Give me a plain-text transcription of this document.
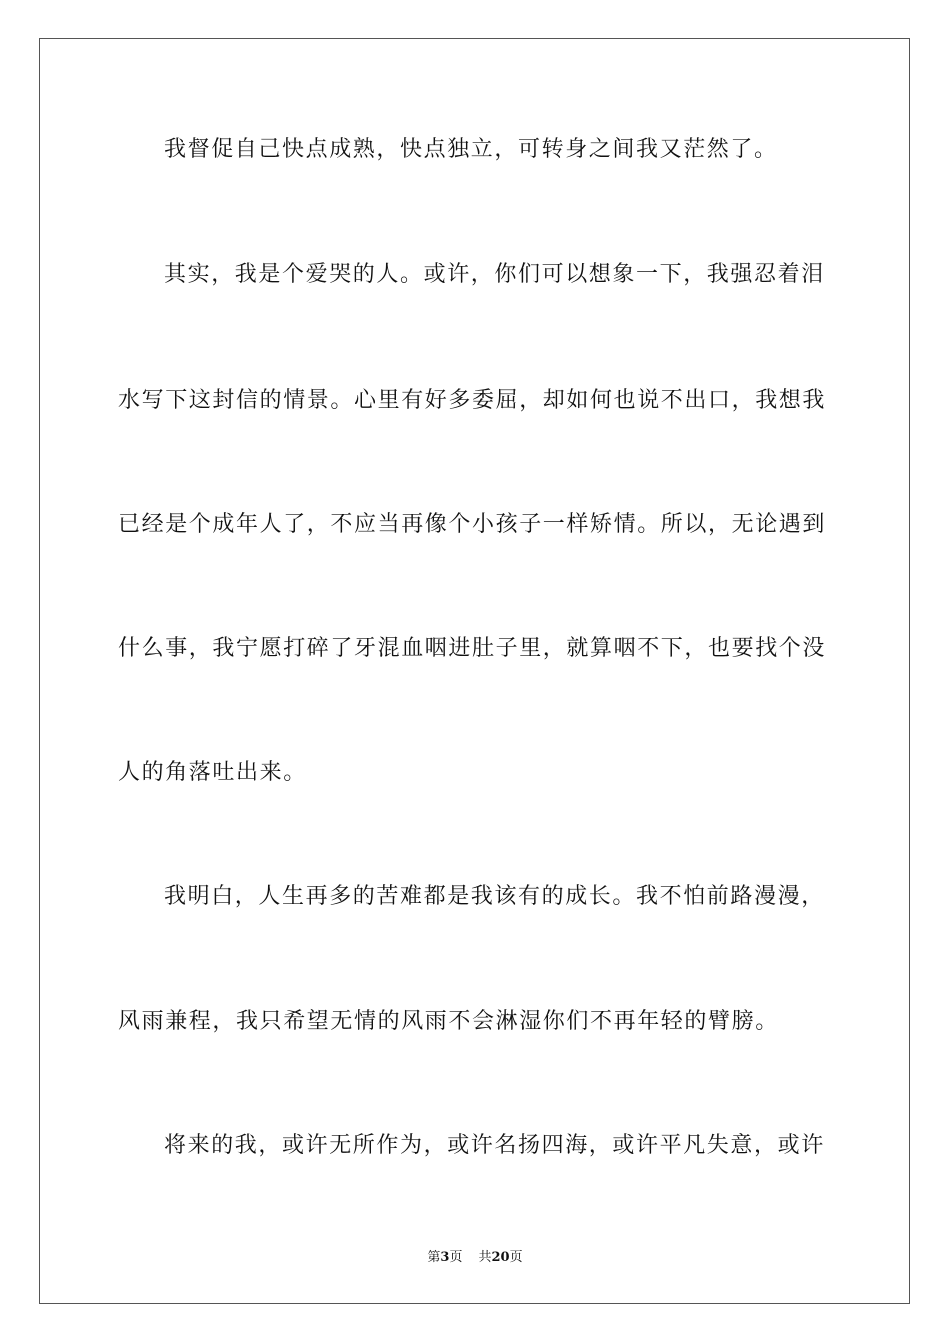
我督促自己快点成熟，快点独立，可转身之间我又茫然了。
其实，我是个爱哭的人。或许，你们可以想象一下，我强忍着泪
水写下这封信的情景。心里有好多委屈，却如何也说不出口，我想我
已经是个成年人了，不应当再像个小孩子一样矫情。所以，无论遇到
什么事，我宁愿打碎了牙混血咽进肚子里，就算咽不下，也要找个没
人的角落吐出来。
我明白，人生再多的苦难都是我该有的成长。我不怕前路漫漫，
风雨兼程，我只希望无情的风雨不会淋湿你们不再年轻的臂膀。
将来的我，或许无所作为，或许名扬四海，或许平凡失意，或许
第3页 共20页
